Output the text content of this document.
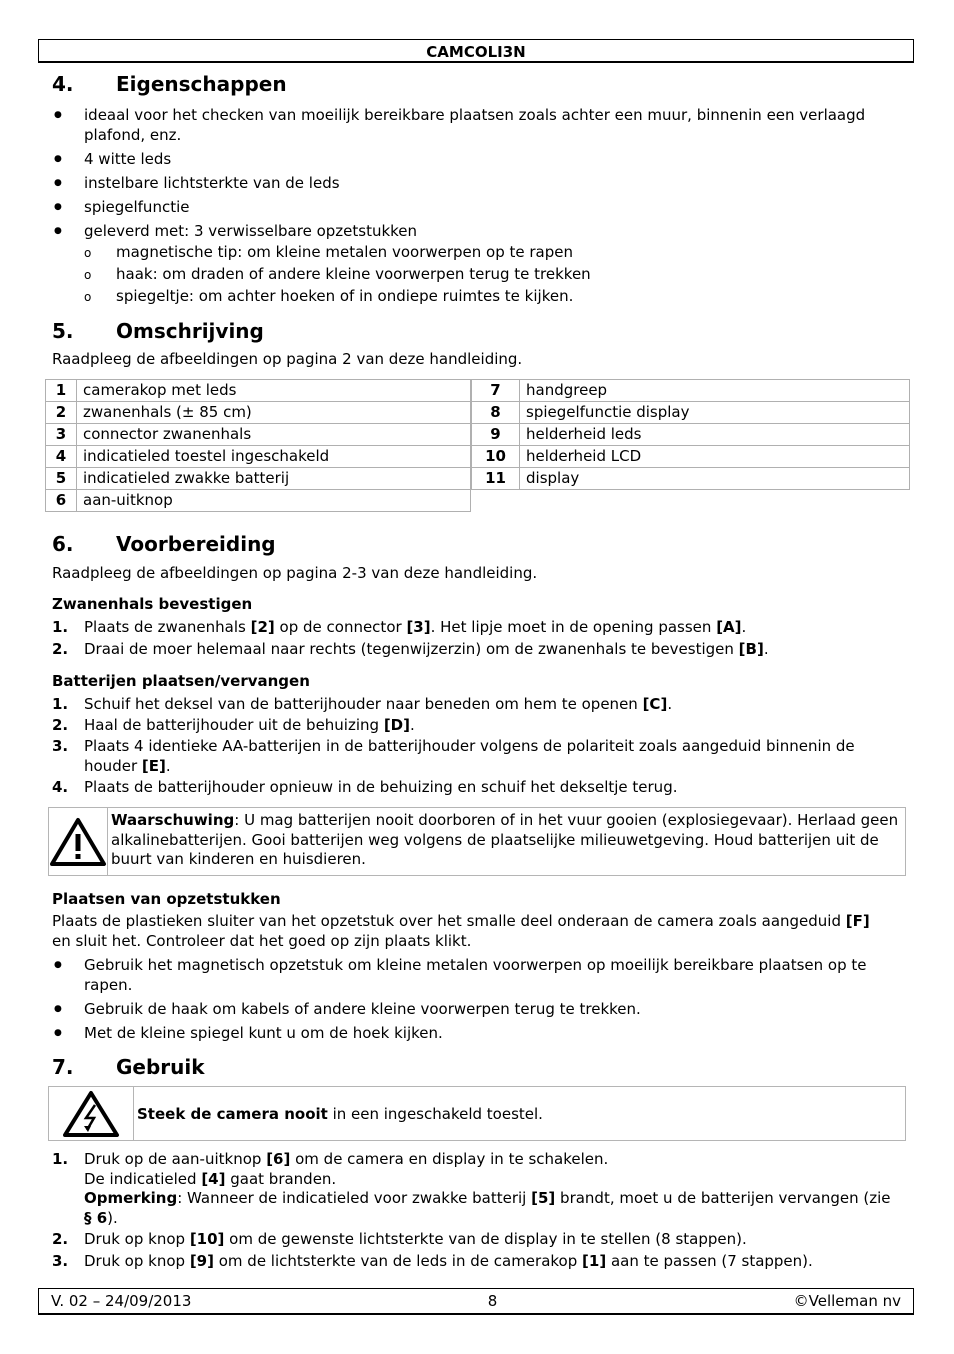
CAMCOLI3N
4. Eigenschappen
● ideaal voor het checken van moeilijk bereikbare plaatsen zoals achter een muur, binnenin een verlaagd plafond, enz.
● 4 witte leds
● instelbare lichtsterkte van de leds
● spiegelfunctie
● geleverd met: 3 verwisselbare opzetstukken
o magnetische tip: om kleine metalen voorwerpen op te rapen
o haak: om draden of andere kleine voorwerpen terug te trekken
o spiegeltje: om achter hoeken of in ondiepe ruimtes te kijken.
5. Omschrijving
Raadpleeg de afbeeldingen op pagina 2 van deze handleiding.
1	camerakop met leds
2	zwanenhals (± 85 cm)
3	connector zwanenhals
4	indicatieled toestel ingeschakeld
5	indicatieled zwakke batterij
6	aan-uitknop
7	handgreep
8	spiegelfunctie display
9	helderheid leds
10	helderheid LCD
11	display
6. Voorbereiding
Raadpleeg de afbeeldingen op pagina 2-3 van deze handleiding.
Zwanenhals bevestigen
1. Plaats de zwanenhals [2] op de connector [3]. Het lipje moet in de opening passen [A].
2. Draai de moer helemaal naar rechts (tegenwijzerzin) om de zwanenhals te bevestigen [B].
Batterijen plaatsen/vervangen
1. Schuif het deksel van de batterijhouder naar beneden om hem te openen [C].
2. Haal de batterijhouder uit de behuizing [D].
3. Plaats 4 identieke AA-batterijen in de batterijhouder volgens de polariteit zoals aangeduid binnenin de houder [E].
4. Plaats de batterijhouder opnieuw in de behuizing en schuif het dekseltje terug.
Waarschuwing: U mag batterijen nooit doorboren of in het vuur gooien (explosiegevaar). Herlaad geen alkalinebatterijen. Gooi batterijen weg volgens de plaatselijke milieuwetgeving. Houd batterijen uit de buurt van kinderen en huisdieren.
Plaatsen van opzetstukken
Plaats de plastieken sluiter van het opzetstuk over het smalle deel onderaan de camera zoals aangeduid [F] en sluit het. Controleer dat het goed op zijn plaats klikt.
● Gebruik het magnetisch opzetstuk om kleine metalen voorwerpen op moeilijk bereikbare plaatsen op te rapen.
● Gebruik de haak om kabels of andere kleine voorwerpen terug te trekken.
● Met de kleine spiegel kunt u om de hoek kijken.
7. Gebruik
Steek de camera nooit in een ingeschakeld toestel.
1. Druk op de aan-uitknop [6] om de camera en display in te schakelen.
De indicatieled [4] gaat branden.
Opmerking: Wanneer de indicatieled voor zwakke batterij [5] brandt, moet u de batterijen vervangen (zie § 6).
2. Druk op knop [10] om de gewenste lichtsterkte van de display in te stellen (8 stappen).
3. Druk op knop [9] om de lichtsterkte van de leds in de camerakop [1] aan te passen (7 stappen).
V. 02 – 24/09/2013	8	©Velleman nv
